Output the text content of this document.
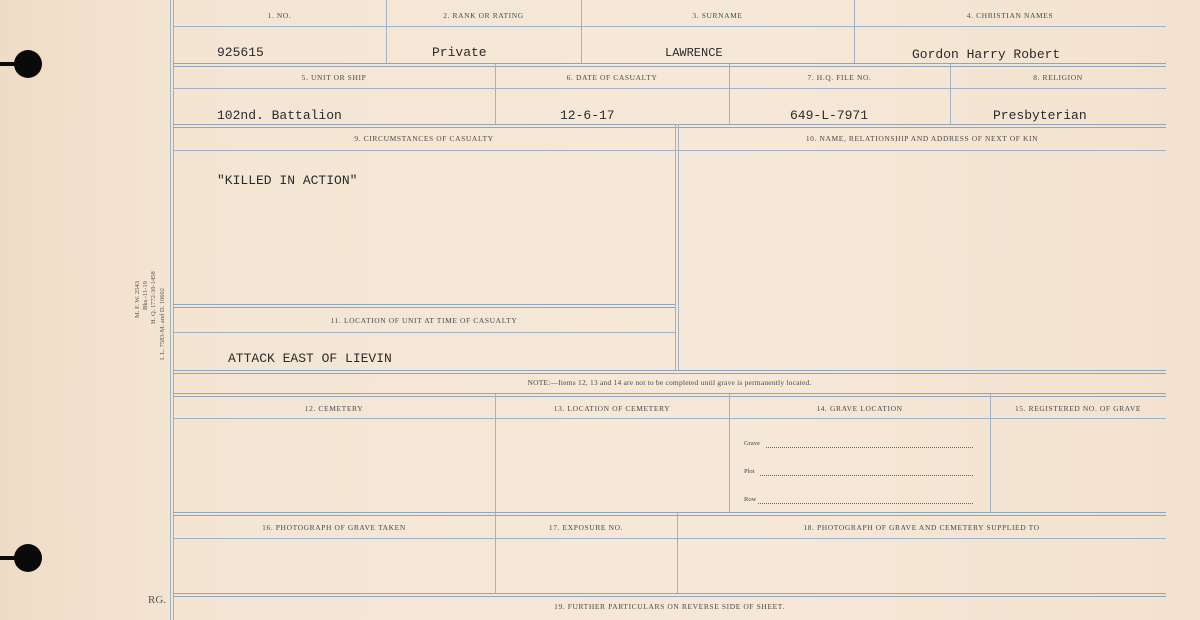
M. F. W. 2543 Bks.-11-19 H. Q. 1772-39-1458 I. L. 7583-M. and D. 10602
1. NO.	2. RANK OR RATING	3. SURNAME	4. CHRISTIAN NAMES
925615	Private	LAWRENCE	Gordon Harry Robert
5. UNIT OR SHIP	6. DATE OF CASUALTY	7. H.Q. FILE NO.	8. RELIGION
102nd. Battalion	12-6-17	649-L-7971	Presbyterian
9. CIRCUMSTANCES OF CASUALTY	10. NAME, RELATIONSHIP AND ADDRESS OF NEXT OF KIN
"KILLED IN ACTION"
11. LOCATION OF UNIT AT TIME OF CASUALTY
ATTACK EAST OF LIEVIN
NOTE:—Items 12, 13 and 14 are not to be completed until grave is permanently located.
12. CEMETERY	13. LOCATION OF CEMETERY	14. GRAVE LOCATION	15. REGISTERED NO. OF GRAVE
Grave
Plot
Row
16. PHOTOGRAPH OF GRAVE TAKEN	17. EXPOSURE NO.	18. PHOTOGRAPH OF GRAVE AND CEMETERY SUPPLIED TO
19. FURTHER PARTICULARS ON REVERSE SIDE OF SHEET.
RG.
